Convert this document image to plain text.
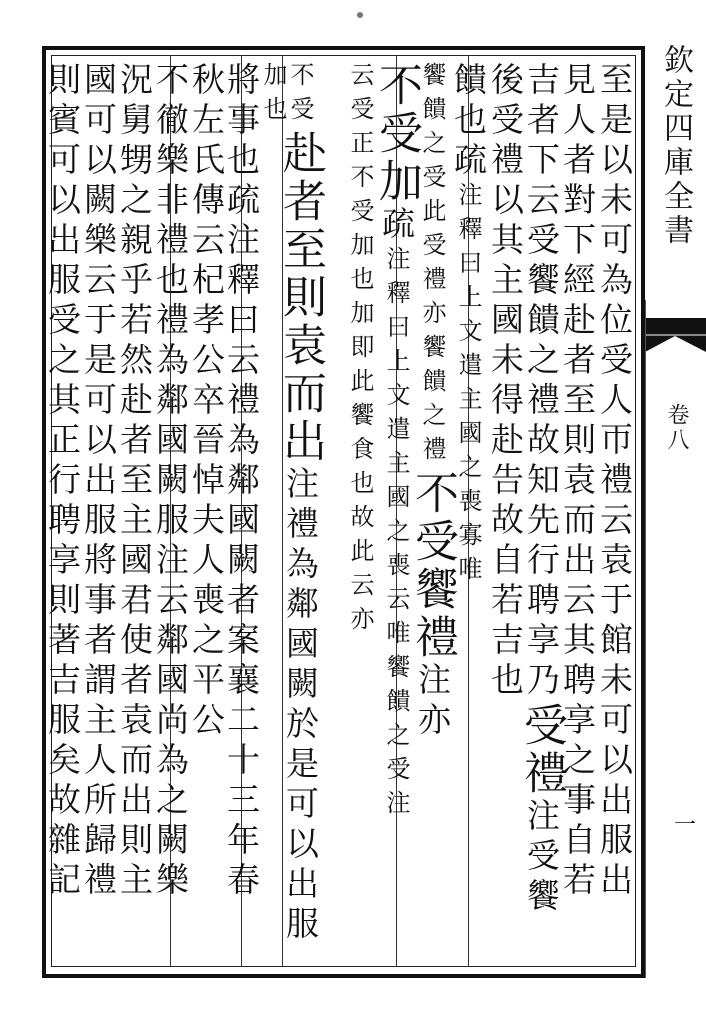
欽定四庫全書
卷八
一
至是以未可為位受人帀禮云袁于館未可以出服出
見人者對下經赴者至則袁而出云其聘享之事自若
吉者下云受饗饋之禮故知先行聘享乃受禮注受饗
後受禮以其主國未得赴告故自若吉也
饋也疏注釋曰上文遣主國之喪寡唯
饗饋之受此受禮亦饗饋之禮不受饗禮注亦
不受加疏注釋曰上文遣主國之喪云唯饗饋之受注
云受正不受加也加即此饗食也故此云亦
不受赴者至則袁而出注禮為鄰國闕於是可以出服
加也
將事也疏注釋曰云禮為鄰國闕者案襄二十三年春
秋左氏傳云杞孝公卒晉悼夫人喪之平公
不徹樂非禮也禮為鄰國闕服注云鄰國尚為之闕樂
況舅甥之親乎若然赴者至主國君使者袁而出則主
國可以闕樂云于是可以出服將事者謂主人所歸禮
則賓可以出服受之其正行聘享則著吉服矣故雜記
